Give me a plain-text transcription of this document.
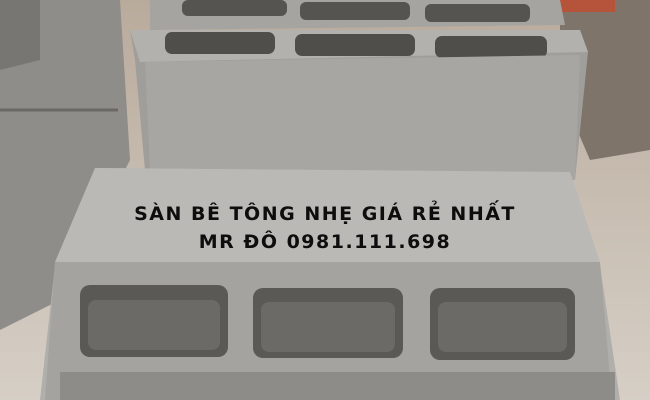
SÀN BÊ TÔNG NHẸ GIÁ RẺ NHẤT
MR ĐÔ 0981.111.698
